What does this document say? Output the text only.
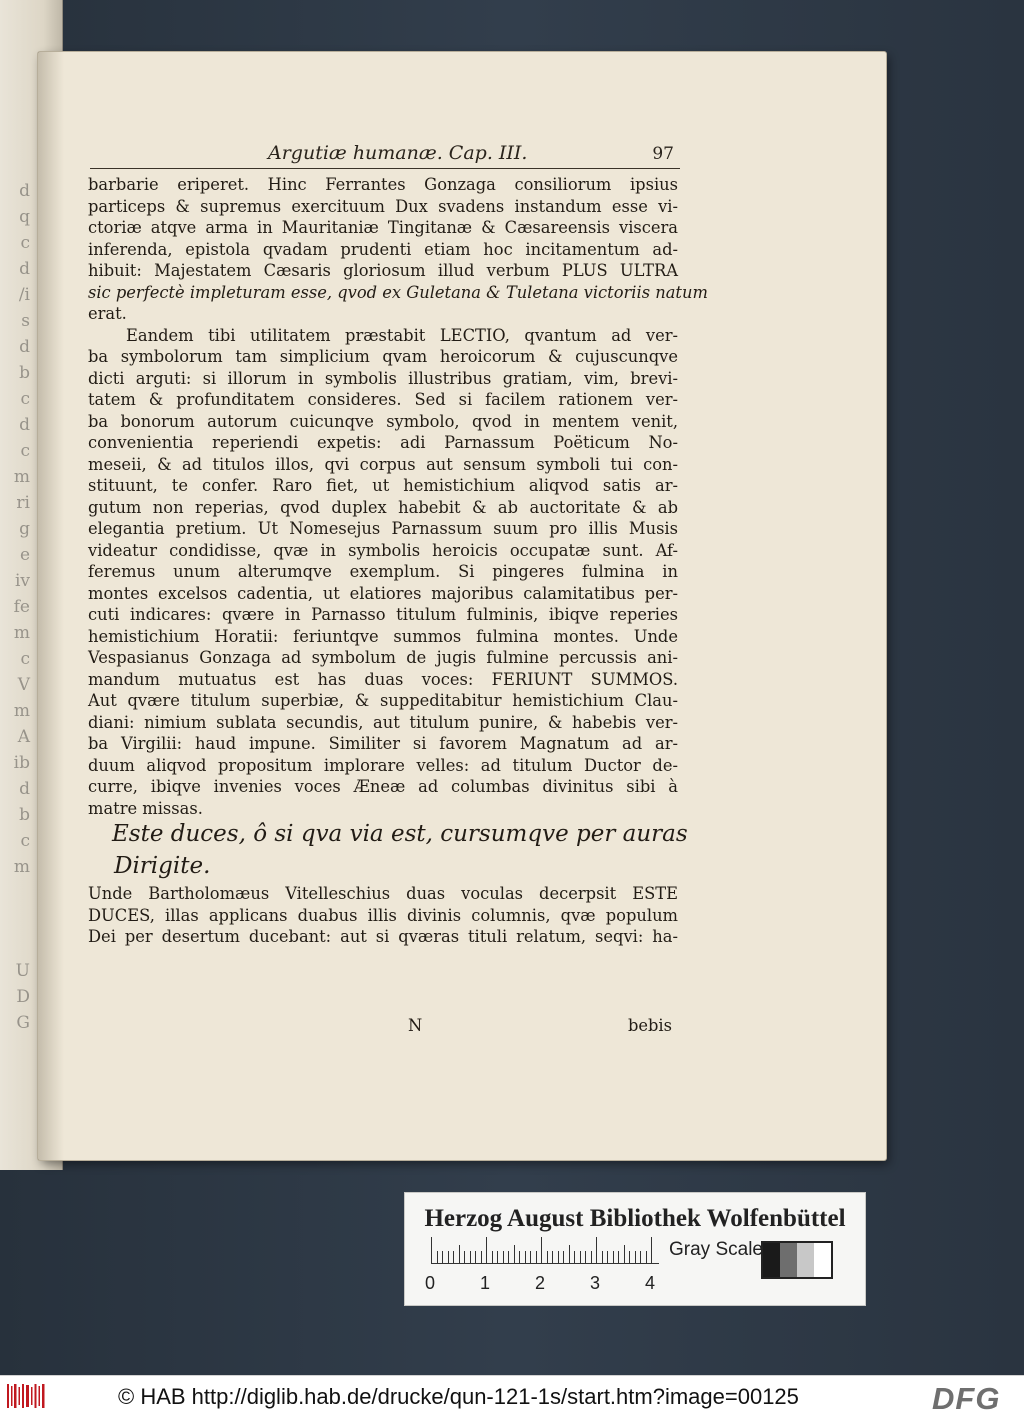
d
q
c
d
/i
s
d
b
c
d
c
m
ri
g
e
iv
fe
m
c
V
m
A
ib
d
b
c
m
U
D
G
Argutiæ humanæ. Cap. III.	97
barbarie eriperet. Hinc Ferrantes Gonzaga consiliorum ipsius
particeps & supremus exercituum Dux svadens instandum esse vi-
ctoriæ atqve arma in Mauritaniæ Tingitanæ & Cæsareensis viscera
inferenda, epistola qvadam prudenti etiam hoc incitamentum ad-
hibuit: Majestatem Cæsaris gloriosum illud verbum PLUS ULTRA
sic perfectè impleturam esse, qvod ex Guletana & Tuletana victoriis natum
erat.
Eandem tibi utilitatem præstabit LECTIO, qvantum ad ver-
ba symbolorum tam simplicium qvam heroicorum & cujuscunqve
dicti arguti: si illorum in symbolis illustribus gratiam, vim, brevi-
tatem & profunditatem consideres. Sed si facilem rationem ver-
ba bonorum autorum cuicunqve symbolo, qvod in mentem venit,
convenientia reperiendi expetis: adi Parnassum Poëticum No-
meseii, & ad titulos illos, qvi corpus aut sensum symboli tui con-
stituunt, te confer. Raro fiet, ut hemistichium aliqvod satis ar-
gutum non reperias, qvod duplex habebit & ab auctoritate & ab
elegantia pretium. Ut Nomesejus Parnassum suum pro illis Musis
videatur condidisse, qvæ in symbolis heroicis occupatæ sunt. Af-
feremus unum alterumqve exemplum. Si pingeres fulmina in
montes excelsos cadentia, ut elatiores majoribus calamitatibus per-
cuti indicares: qvære in Parnasso titulum fulminis, ibiqve reperies
hemistichium Horatii: feriuntqve summos fulmina montes. Unde
Vespasianus Gonzaga ad symbolum de jugis fulmine percussis ani-
mandum mutuatus est has duas voces: FERIUNT SUMMOS.
Aut qvære titulum superbiæ, & suppeditabitur hemistichium Clau-
diani: nimium sublata secundis, aut titulum punire, & habebis ver-
ba Virgilii: haud impune. Similiter si favorem Magnatum ad ar-
duum aliqvod propositum implorare velles: ad titulum Ductor de-
curre, ibiqve invenies voces Æneæ ad columbas divinitus sibi à
matre missas.
Este duces, ô si qva via est, cursumqve per auras
Dirigite.
Unde Bartholomæus Vitelleschius duas voculas decerpsit ESTE
DUCES, illas applicans duabus illis divinis columnis, qvæ populum
Dei per desertum ducebant: aut si qværas tituli relatum, seqvi: ha-
N	bebis
Herzog August Bibliothek Wolfenbüttel
0 1 2 3 4
Gray Scale
© HAB http://diglib.hab.de/drucke/qun-121-1s/start.htm?image=00125	DFG
